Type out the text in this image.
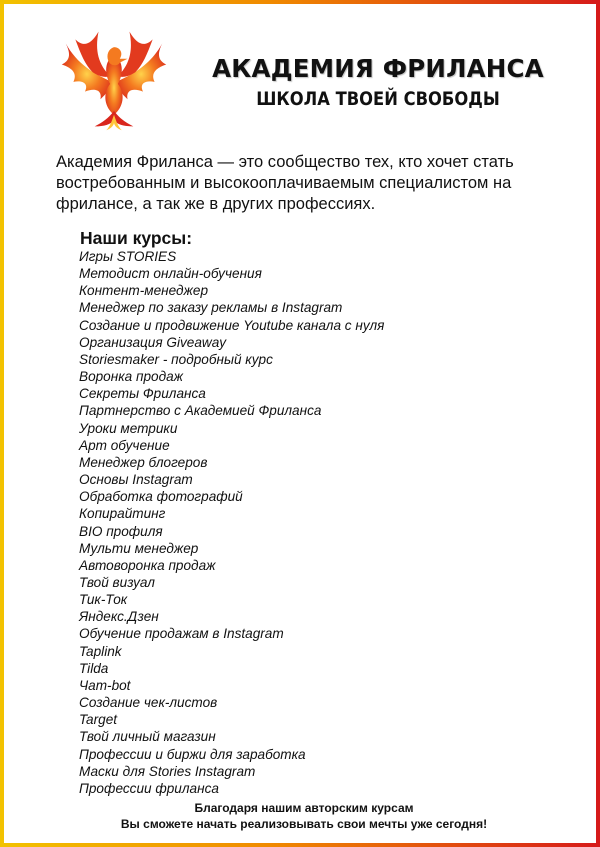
АКАДЕМИЯ ФРИЛАНСА
ШКОЛА ТВОЕЙ СВОБОДЫ
Академия Фриланса — это сообщество тех, кто хочет стать востребованным и высокооплачиваемым специалистом на фрилансе, а так же в других профессиях.
Наши курсы:
Игры STORIES
Методист онлайн-обучения
Контент-менеджер
Менеджер по заказу рекламы в Instagram
Создание и продвижение Youtube канала с нуля
Организация Giveaway
Storiesmaker - подробный курс
Воронка продаж
Секреты Фриланса
Партнерство с Академией Фриланса
Уроки метрики
Арт обучение
Менеджер блогеров
Основы Instagram
Обработка фотографий
Копирайтинг
BIO профиля
Мульти менеджер
Автоворонка продаж
Твой визуал
Тик-Ток
Яндекс.Дзен
Обучение продажам в Instagram
Taplink
Tilda
Чат-bot
Создание чек-листов
Target
Твой личный магазин
Профессии и биржи для заработка
Маски для Stories Instagram
Профессии фриланса
Благодаря нашим авторским курсам
Вы сможете начать реализовывать свои мечты уже сегодня!
